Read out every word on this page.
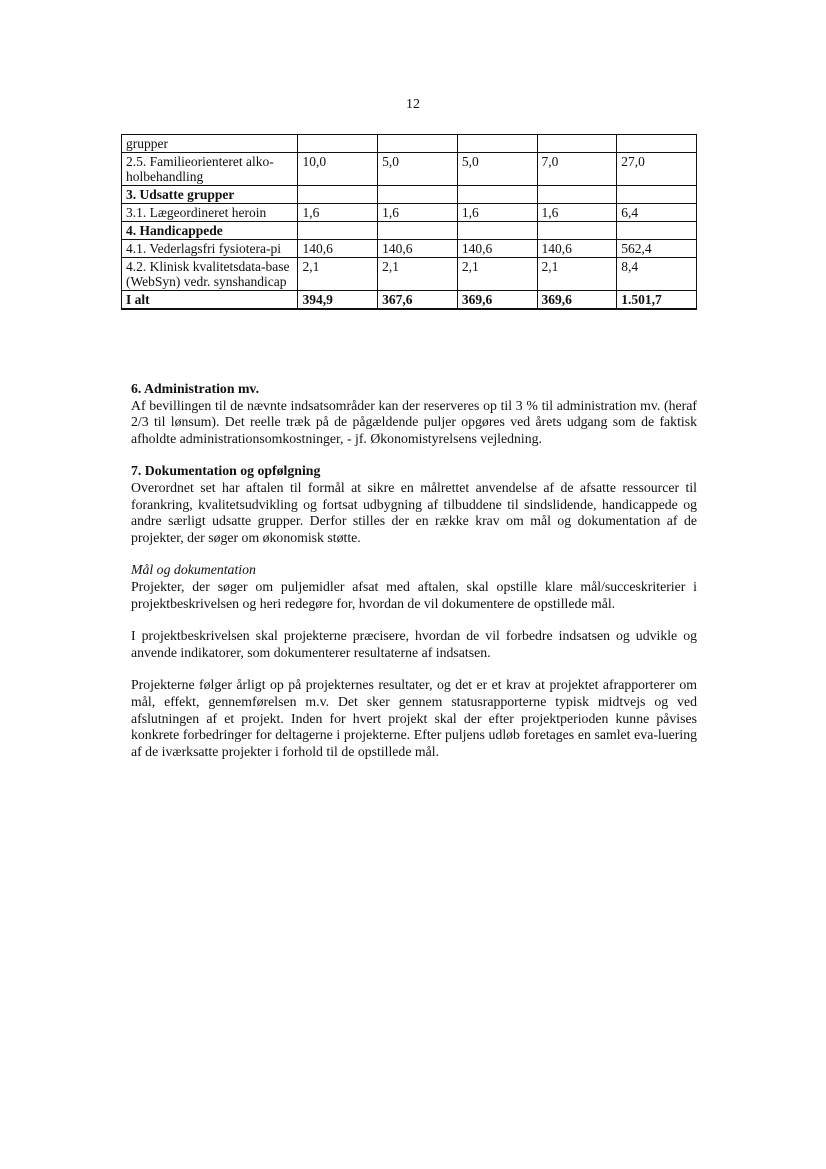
12
grupper					
2.5. Familieorienteret alko-holbehandling	10,0	5,0	5,0	7,0	27,0
3. Udsatte grupper					
3.1. Lægeordineret heroin	1,6	1,6	1,6	1,6	6,4
4. Handicappede					
4.1. Vederlagsfri fysiotera-pi	140,6	140,6	140,6	140,6	562,4
4.2. Klinisk kvalitetsdata-base (WebSyn) vedr. synshandicap	2,1	2,1	2,1	2,1	8,4
I alt	394,9	367,6	369,6	369,6	1.501,7
6. Administration mv.

Af bevillingen til de nævnte indsatsområder kan der reserveres op til 3 % til administration mv. (heraf 2/3 til lønsum). Det reelle træk på de pågældende puljer opgøres ved årets udgang som de faktisk afholdte administrationsomkostninger, - jf. Økonomistyrelsens vejledning.

7. Dokumentation og opfølgning

Overordnet set har aftalen til formål at sikre en målrettet anvendelse af de afsatte ressourcer til forankring, kvalitetsudvikling og fortsat udbygning af tilbuddene til sindslidende, handicappede og andre særligt udsatte grupper. Derfor stilles der en række krav om mål og dokumentation af de projekter, der søger om økonomisk støtte.

Mål og dokumentation

Projekter, der søger om puljemidler afsat med aftalen, skal opstille klare mål/succeskriterier i projektbeskrivelsen og heri redegøre for, hvordan de vil dokumentere de opstillede mål.

I projektbeskrivelsen skal projekterne præcisere, hvordan de vil forbedre indsatsen og udvikle og anvende indikatorer, som dokumenterer resultaterne af indsatsen.

Projekterne følger årligt op på projekternes resultater, og det er et krav at projektet afrapporterer om mål, effekt, gennemførelsen m.v. Det sker gennem statusrapporterne typisk midtvejs og ved afslutningen af et projekt. Inden for hvert projekt skal der efter projektperioden kunne påvises konkrete forbedringer for deltagerne i projekterne. Efter puljens udløb foretages en samlet eva-luering af de iværksatte projekter i forhold til de opstillede mål.
